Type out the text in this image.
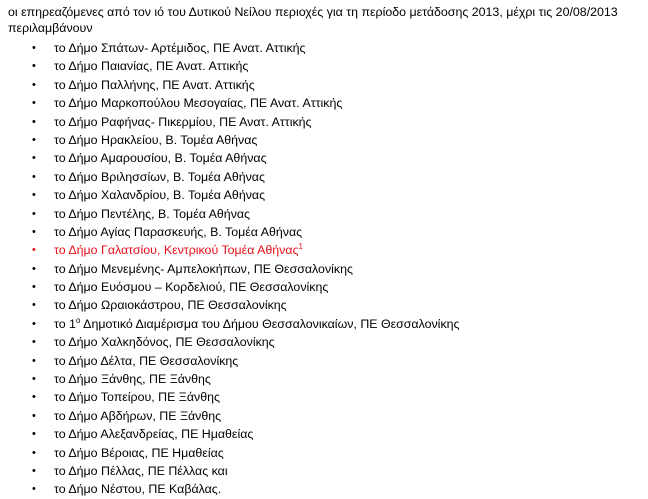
οι επηρεαζόμενες από τον ιό του Δυτικού Νείλου περιοχές για τη περίοδο μετάδοσης 2013, μέχρι τις 20/08/2013 περιλαμβάνουν

• το Δήμο Σπάτων- Αρτέμιδος, ΠΕ Ανατ. Αττικής
• το Δήμο Παιανίας, ΠΕ Ανατ. Αττικής
• το Δήμο Παλλήνης, ΠΕ Ανατ. Αττικής
• το Δήμο Μαρκοπούλου Μεσογαίας, ΠΕ Ανατ. Αττικής
• το Δήμο Ραφήνας- Πικερμίου, ΠΕ Ανατ. Αττικής
• το Δήμο Ηρακλείου, Β. Τομέα Αθήνας
• το Δήμο Αμαρουσίου, Β. Τομέα Αθήνας
• το Δήμο Βριλησσίων, Β. Τομέα Αθήνας
• το Δήμο Χαλανδρίου, Β. Τομέα Αθήνας
• το Δήμο Πεντέλης, Β. Τομέα Αθήνας
• το Δήμο Αγίας Παρασκευής, Β. Τομέα Αθήνας
• το Δήμο Γαλατσίου, Κεντρικού Τομέα Αθήνας$^1$
• το Δήμο Μενεμένης- Αμπελοκήπων, ΠΕ Θεσσαλονίκης
• το Δήμο Ευόσμου – Κορδελιού, ΠΕ Θεσσαλονίκης
• το Δήμο Ωραιοκάστρου, ΠΕ Θεσσαλονίκης
• το $1^o$ Δημοτικό Διαμέρισμα του Δήμου Θεσσαλονικαίων, ΠΕ Θεσσαλονίκης
• το Δήμο Χαλκηδόνος, ΠΕ Θεσσαλονίκης
• το Δήμο Δέλτα, ΠΕ Θεσσαλονίκης
• το Δήμο Ξάνθης, ΠΕ Ξάνθης
• το Δήμο Τοπείρου, ΠΕ Ξάνθης
• το Δήμο Αβδήρων, ΠΕ Ξάνθης
• το Δήμο Αλεξανδρείας, ΠΕ Ημαθείας
• το Δήμο Βέροιας, ΠΕ Ημαθείας
• το Δήμο Πέλλας, ΠΕ Πέλλας και
• το Δήμο Νέστου, ΠΕ Καβάλας.
